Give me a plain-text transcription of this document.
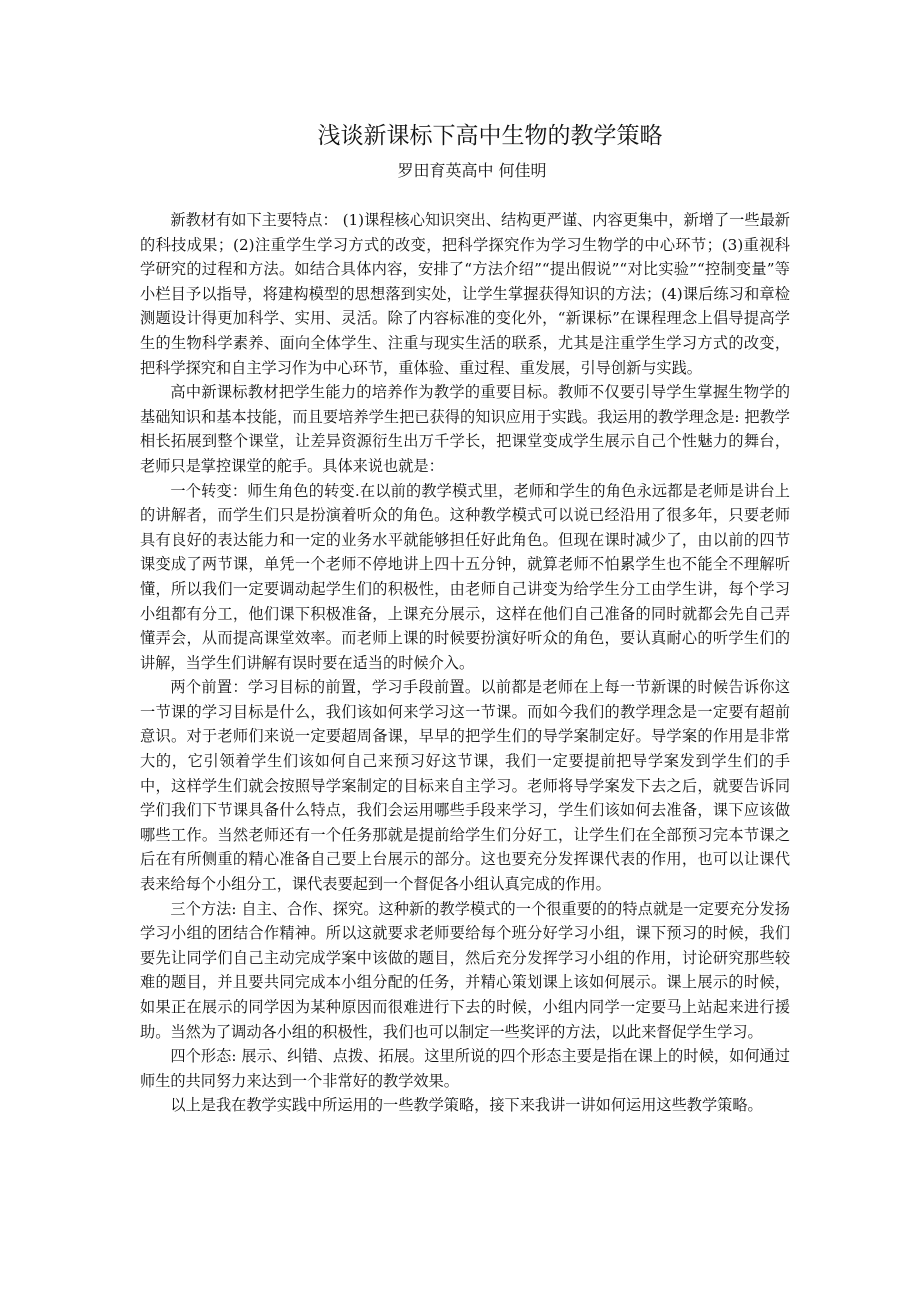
浅谈新课标下高中生物的教学策略
罗田育英高中 何佳明

新教材有如下主要特点： (1)课程核心知识突出、结构更严谨、内容更集中，新增了一些最新的科技成果；(2)注重学生学习方式的改变，把科学探究作为学习生物学的中心环节；(3)重视科学研究的过程和方法。如结合具体内容，安排了“方法介绍”“提出假说”“对比实验”“控制变量”等小栏目予以指导，将建构模型的思想落到实处，让学生掌握获得知识的方法；(4)课后练习和章检测题设计得更加科学、实用、灵活。除了内容标准的变化外，“新课标”在课程理念上倡导提高学生的生物科学素养、面向全体学生、注重与现实生活的联系，尤其是注重学生学习方式的改变，把科学探究和自主学习作为中心环节，重体验、重过程、重发展，引导创新与实践。

高中新课标教材把学生能力的培养作为教学的重要目标。教师不仅要引导学生掌握生物学的基础知识和基本技能，而且要培养学生把已获得的知识应用于实践。我运用的教学理念是: 把教学相长拓展到整个课堂，让差异资源衍生出万千学长，把课堂变成学生展示自己个性魅力的舞台，老师只是掌控课堂的舵手。具体来说也就是：

一个转变：师生角色的转变.在以前的教学模式里，老师和学生的角色永远都是老师是讲台上的讲解者，而学生们只是扮演着听众的角色。这种教学模式可以说已经沿用了很多年，只要老师具有良好的表达能力和一定的业务水平就能够担任好此角色。但现在课时减少了，由以前的四节课变成了两节课，单凭一个老师不停地讲上四十五分钟，就算老师不怕累学生也不能全不理解听懂，所以我们一定要调动起学生们的积极性，由老师自己讲变为给学生分工由学生讲，每个学习小组都有分工，他们课下积极准备，上课充分展示，这样在他们自己准备的同时就都会先自己弄懂弄会，从而提高课堂效率。而老师上课的时候要扮演好听众的角色，要认真耐心的听学生们的讲解，当学生们讲解有误时要在适当的时候介入。

两个前置：学习目标的前置，学习手段前置。以前都是老师在上每一节新课的时候告诉你这一节课的学习目标是什么，我们该如何来学习这一节课。而如今我们的教学理念是一定要有超前意识。对于老师们来说一定要超周备课，早早的把学生们的导学案制定好。导学案的作用是非常大的，它引领着学生们该如何自己来预习好这节课，我们一定要提前把导学案发到学生们的手中，这样学生们就会按照导学案制定的目标来自主学习。老师将导学案发下去之后，就要告诉同学们我们下节课具备什么特点，我们会运用哪些手段来学习，学生们该如何去准备，课下应该做哪些工作。当然老师还有一个任务那就是提前给学生们分好工，让学生们在全部预习完本节课之后在有所侧重的精心准备自己要上台展示的部分。这也要充分发挥课代表的作用，也可以让课代表来给每个小组分工，课代表要起到一个督促各小组认真完成的作用。

三个方法: 自主、合作、探究。这种新的教学模式的一个很重要的的特点就是一定要充分发扬学习小组的团结合作精神。所以这就要求老师要给每个班分好学习小组，课下预习的时候，我们要先让同学们自己主动完成学案中该做的题目，然后充分发挥学习小组的作用，讨论研究那些较难的题目，并且要共同完成本小组分配的任务，并精心策划课上该如何展示。课上展示的时候，如果正在展示的同学因为某种原因而很难进行下去的时候，小组内同学一定要马上站起来进行援助。当然为了调动各小组的积极性，我们也可以制定一些奖评的方法，以此来督促学生学习。

四个形态: 展示、纠错、点拨、拓展。这里所说的四个形态主要是指在课上的时候，如何通过师生的共同努力来达到一个非常好的教学效果。

以上是我在教学实践中所运用的一些教学策略，接下来我讲一讲如何运用这些教学策略。
